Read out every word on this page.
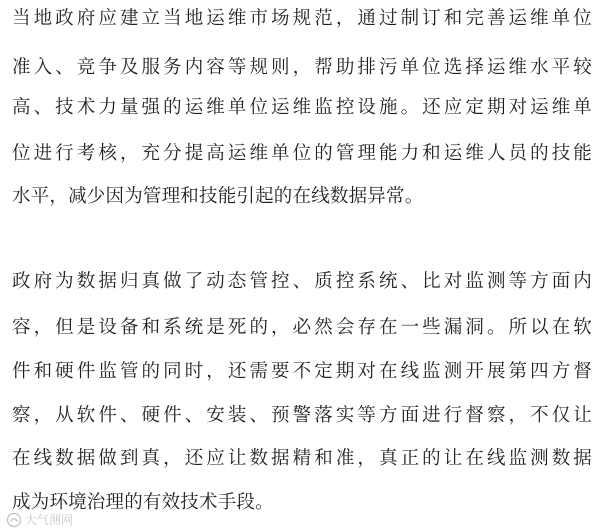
当地政府应建立当地运维市场规范，通过制订和完善运维单位
准入、竞争及服务内容等规则，帮助排污单位选择运维水平较
高、技术力量强的运维单位运维监控设施。还应定期对运维单
位进行考核，充分提高运维单位的管理能力和运维人员的技能
水平，减少因为管理和技能引起的在线数据异常。
政府为数据归真做了动态管控、质控系统、比对监测等方面内
容，但是设备和系统是死的，必然会存在一些漏洞。所以在软
件和硬件监管的同时，还需要不定期对在线监测开展第四方督
察，从软件、硬件、安装、预警落实等方面进行督察，不仅让
在线数据做到真，还应让数据精和准，真正的让在线监测数据
成为环境治理的有效技术手段。
大气测网
